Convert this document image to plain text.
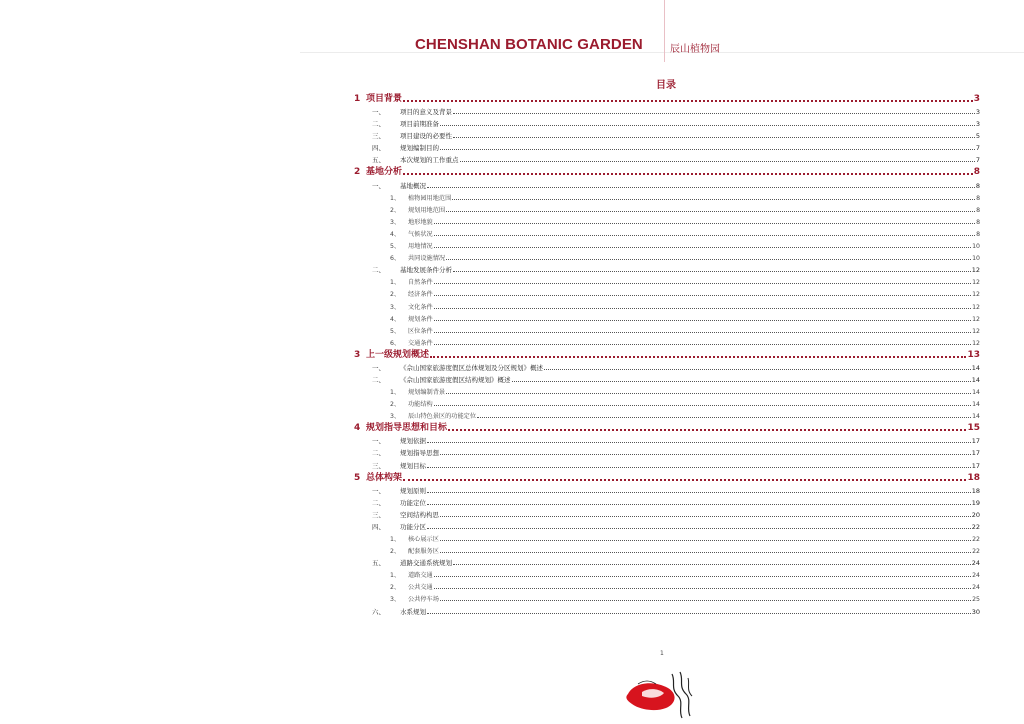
CHENSHAN BOTANIC GARDEN	辰山植物园
目录
1 项目背景	3
一、	项目的意义及背景	3
二、	项目前期准备	3
三、	项目建设的必要性	5
四、	规划编制目的	7
五、	本次规划的工作重点	7
2 基地分析	8
一、	基地概况	8
1、	植物园用地范围	8
2、	规划用地范围	8
3、	地形地貌	8
4、	气候状况	8
5、	用地情况	10
6、	共同设施情况	10
二、	基地发展条件分析	12
1、	自然条件	12
2、	经济条件	12
3、	文化条件	12
4、	规划条件	12
5、	区位条件	12
6、	交通条件	12
3 上一级规划概述	13
一、	《佘山国家旅游度假区总体规划及分区规划》概述	14
二、	《佘山国家旅游度假区结构规划》概述	14
1、	规划编制背景	14
2、	功能结构	14
3、	辰山特色景区的功能定位	14
4 规划指导思想和目标	15
一、	规划依据	17
二、	规划指导思想	17
三、	规划目标	17
5 总体构架	18
一、	规划原则	18
二、	功能定位	19
三、	空间结构构思	20
四、	功能分区	22
1、	核心展示区	22
2、	配套服务区	22
五、	道路交通系统规划	24
1、	道路交通	24
2、	公共交通	24
3、	公共停车场	25
六、	水系规划	30
1
